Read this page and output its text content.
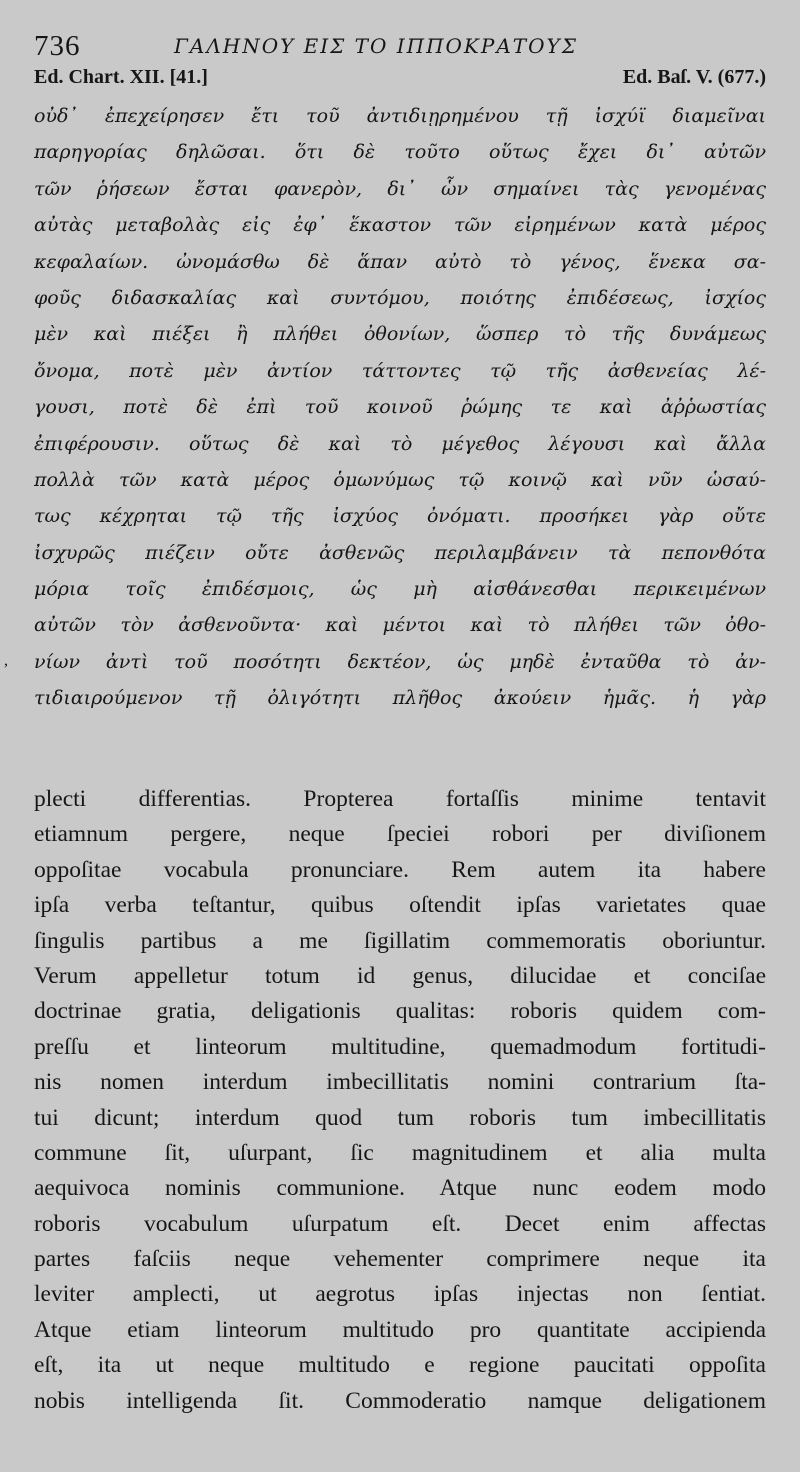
736	ΓΑΛΗΝΟΥ ΕΙΣ ΤΟ ΙΠΠΟΚΡΑΤΟΥΣ
Ed. Chart. XII. [41.]	Ed. Baſ. V. (677.)
,
οὐδ᾽ ἐπεχείρησεν ἔτι τοῦ ἀντιδιῃρημένου τῇ ἰσχύϊ διαμεῖναι
παρηγορίας δηλῶσαι. ὅτι δὲ τοῦτο οὕτως ἔχει δι᾽ αὐτῶν
τῶν ῥήσεων ἔσται φανερὸν, δι᾽ ὧν σημαίνει τὰς γενομένας
αὐτὰς μεταβολὰς εἰς ἐφ᾽ ἕκαστον τῶν εἰρημένων κατὰ μέρος
κεφαλαίων. ὠνομάσθω δὲ ἅπαν αὐτὸ τὸ γένος, ἕνεκα σα-
φοῦς διδασκαλίας καὶ συντόμου, ποιότης ἐπιδέσεως, ἰσχίος
μὲν καὶ πιέξει ἢ πλήθει ὀθονίων, ὥσπερ τὸ τῆς δυνάμεως
ὄνομα, ποτὲ μὲν ἀντίον τάττοντες τῷ τῆς ἀσθενείας λέ-
γουσι, ποτὲ δὲ ἐπὶ τοῦ κοινοῦ ῥώμης τε καὶ ἀῤῥωστίας
ἐπιφέρουσιν. οὕτως δὲ καὶ τὸ μέγεθος λέγουσι καὶ ἄλλα
πολλὰ τῶν κατὰ μέρος ὁμωνύμως τῷ κοινῷ καὶ νῦν ὡσαύ-
τως κέχρηται τῷ τῆς ἰσχύος ὀνόματι. προσήκει γὰρ οὔτε
ἰσχυρῶς πιέζειν οὔτε ἀσθενῶς περιλαμβάνειν τὰ πεπονθότα
μόρια τοῖς ἐπιδέσμοις, ὡς μὴ αἰσθάνεσθαι περικειμένων
αὐτῶν τὸν ἀσθενοῦντα· καὶ μέντοι καὶ τὸ πλήθει τῶν ὀθο-
νίων ἀντὶ τοῦ ποσότητι δεκτέον, ὡς μηδὲ ἐνταῦθα τὸ ἀν-
τιδιαιρούμενον τῇ ὀλιγότητι πλῆθος ἀκούειν ἡμᾶς. ἡ γὰρ
plecti differentias. Propterea fortaſſis minime tentavit
etiamnum pergere, neque ſpeciei robori per diviſionem
oppoſitae vocabula pronunciare. Rem autem ita habere
ipſa verba teſtantur, quibus oſtendit ipſas varietates quae
ſingulis partibus a me ſigillatim commemoratis oboriuntur.
Verum appelletur totum id genus, dilucidae et conciſae
doctrinae gratia, deligationis qualitas: roboris quidem com-
preſſu et linteorum multitudine, quemadmodum fortitudi-
nis nomen interdum imbecillitatis nomini contrarium ſta-
tui dicunt; interdum quod tum roboris tum imbecillitatis
commune ſit, uſurpant, ſic magnitudinem et alia multa
aequivoca nominis communione. Atque nunc eodem modo
roboris vocabulum uſurpatum eſt. Decet enim affectas
partes faſciis neque vehementer comprimere neque ita
leviter amplecti, ut aegrotus ipſas injectas non ſentiat.
Atque etiam linteorum multitudo pro quantitate accipienda
eſt, ita ut neque multitudo e regione paucitati oppoſita
nobis intelligenda ſit. Commoderatio namque deligationem
